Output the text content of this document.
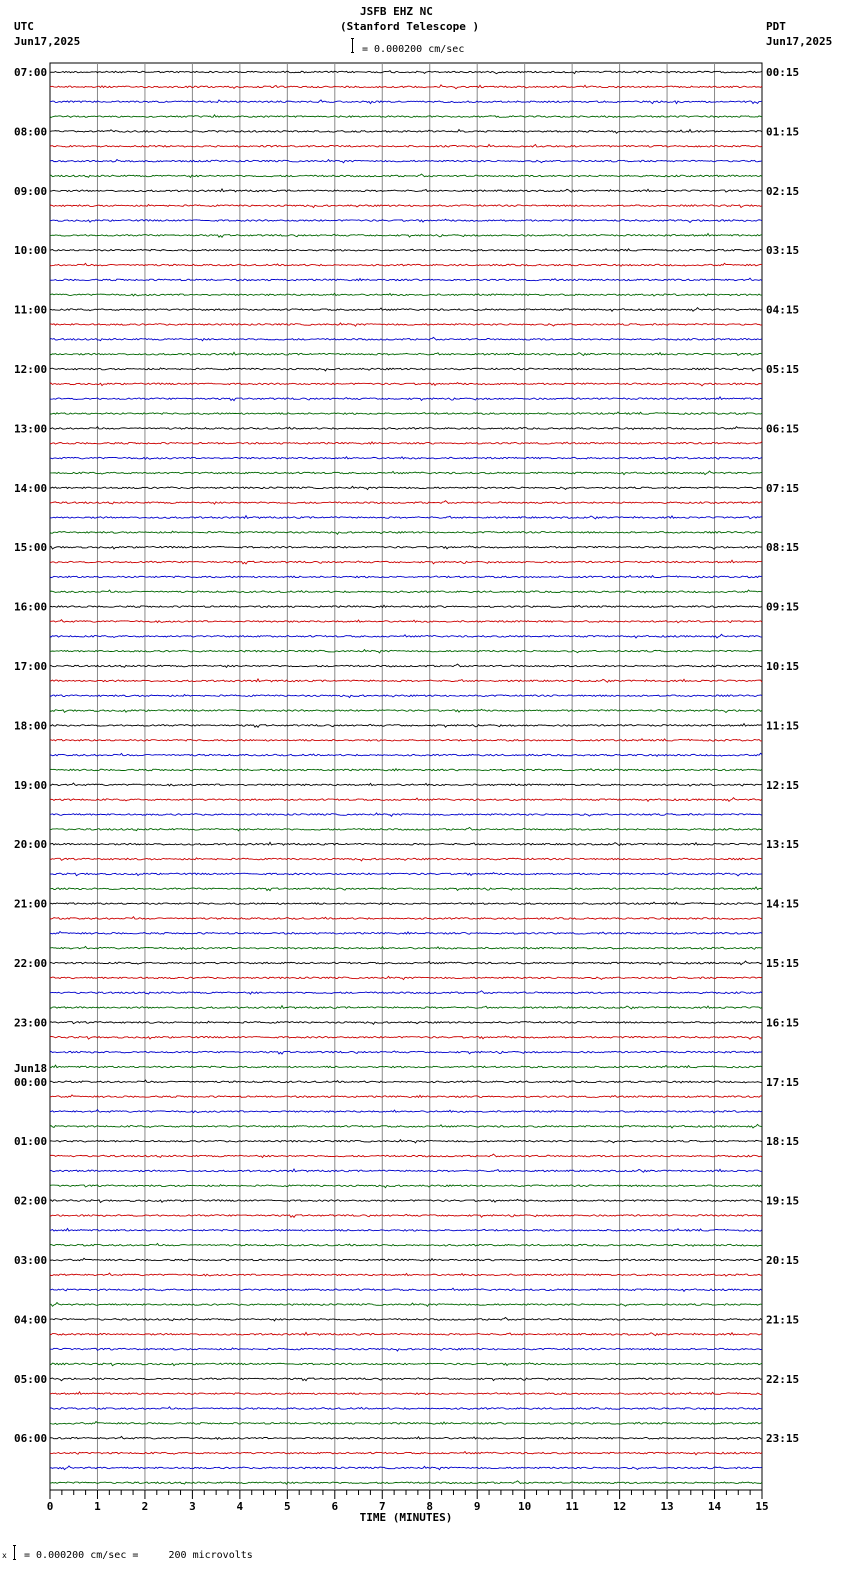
JSFB EHZ NC
(Stanford Telescope )
UTC
Jun17,2025
PDT
Jun17,2025
= 0.000200 cm/sec
07:00
08:00
09:00
10:00
11:00
12:00
13:00
14:00
15:00
16:00
17:00
18:00
19:00
20:00
21:00
22:00
23:00
00:00
Jun18
01:00
02:00
03:00
04:00
05:00
06:00
00:15
01:15
02:15
03:15
04:15
05:15
06:15
07:15
08:15
09:15
10:15
11:15
12:15
13:15
14:15
15:15
16:15
17:15
18:15
19:15
20:15
21:15
22:15
23:15
0	1	2	3	4	5	6	7	8	9	10	11	12	13	14	15
TIME (MINUTES)
x = 0.000200 cm/sec =     200 microvolts
